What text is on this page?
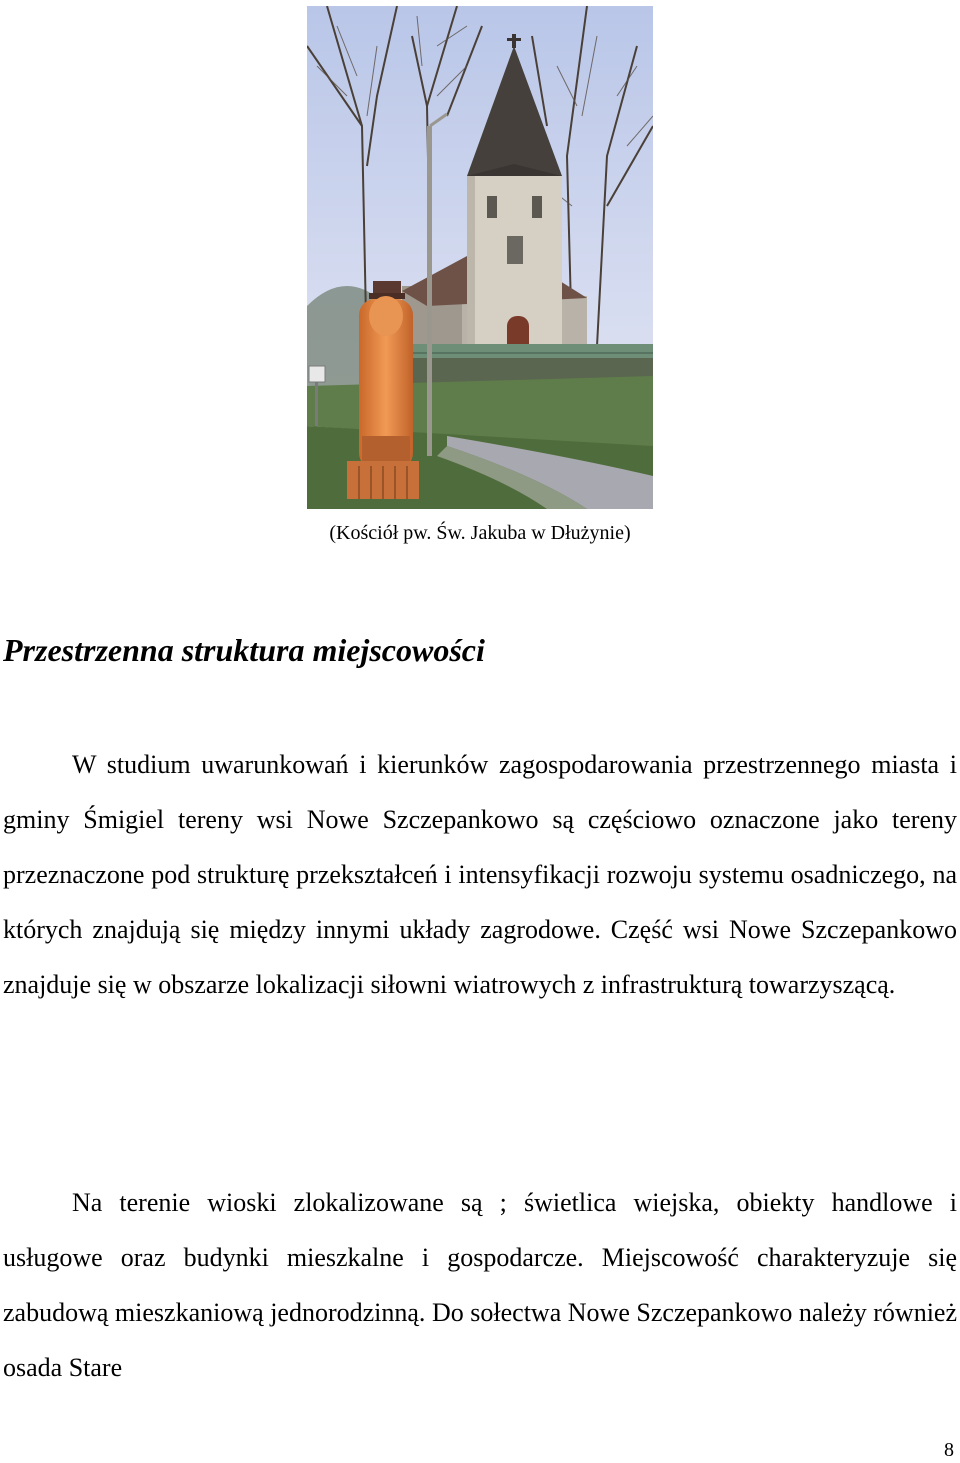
(Kościół pw. Św. Jakuba w Dłużynie)
Przestrzenna struktura miejscowości

W studium uwarunkowań i kierunków zagospodarowania przestrzennego miasta i gminy Śmigiel tereny wsi Nowe Szczepankowo są częściowo oznaczone jako tereny przeznaczone pod strukturę przekształceń i intensyfikacji rozwoju systemu osadniczego, na których znajdują się między innymi układy zagrodowe. Część wsi Nowe Szczepankowo znajduje się w obszarze lokalizacji siłowni wiatrowych z infrastrukturą towarzyszącą.

Na terenie wioski zlokalizowane są ; świetlica wiejska, obiekty handlowe i usługowe oraz budynki mieszkalne i gospodarcze. Miejscowość charakteryzuje się zabudową mieszkaniową jednorodzinną. Do sołectwa Nowe Szczepankowo należy również osada Stare

8
